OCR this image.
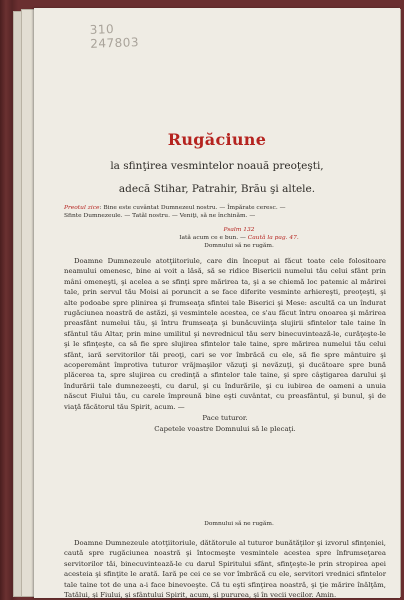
310
247803
Rugăciune
la sfinţirea vesmintelor noauă preoţeşti,
adecă Stihar, Patrahir, Brău şi altele.
Preotul zice: Bine este cuvântat Dumnezeul nostru. — Împărate ceresc. —
Sfinte Dumnezeule. — Tatăl nostru. — Veniţi, să ne închinăm. —
Psalm 132
Iată acum ce e bun. — Caută la pag. 47.
Domnului să ne rugăm.
Doamne Dumnezeule atotţiitoriule, care din început ai făcut toate cele folositoare neamului omenesc, bine ai voit a lăsă, să se ridice Bisericii numelui tău celui sfânt prin mâni omeneşti, şi acelea a se sfinţi spre mărirea ta, şi a se chiemă loc patemic al mărirei tale, prin servul tău Moisi ai poruncit a se face diferite vesminte arhiereşti, preoţeşti, şi alte podoabe spre plinirea şi frumseaţa sfintei tale Biserici şi Mese: ascultă ca un îndurat rugăciunea noastră de astăzi, şi vesmintele acestea, ce s'au făcut întru onoarea şi mărirea preasfânt numelui tău, şi întru frumseaţa şi bunăcuviinţa slujirii sfintelor tale taine în sfântul tău Altar, prin mine umilitul şi nevrednicul tău serv binecuvintează-le, curăţeşte-le şi le sfinţeşte, ca să fie spre slujirea sfintelor tale taine, spre mărirea numelui tău celui sfânt, iară servitorilor tăi preoţi, cari se vor îmbrăcă cu ele, să fie spre mântuire şi acoperemânt împrotiva tuturor vrăjmaşilor văzuţi şi nevăzuţi, şi ducătoare spre bună plăcerea ta, spre slujirea cu credinţă a sfintelor tale taine, şi spre câştigarea darului şi îndurării tale dumnezeeşti, cu darul, şi cu îndurările, şi cu iubirea de oameni a unuia născut Fiului tău, cu carele împreună bine eşti cuvântat, cu preasfântul, şi bunul, şi de viaţă făcătorul tău Spirit, acum. —
Pace tuturor.
Capetele voastre Domnului să le plecaţi.
Domnului să ne rugăm.
Doamne Dumnezeule atotţiitoriule, dătătorule al tuturor bunătăţilor şi izvorul sfinţeniei, caută spre rugăciunea noastră şi întocmeşte vesmintele acestea spre înfrumseţarea servitorilor tăi, binecuvintează-le cu darul Spiritului sfânt, sfinţeşte-le prin stropirea apei acesteia şi sfinţite le arată. Iară pe cei ce se vor îmbrăcă cu ele, servitori vrednici sfintelor tale taine tot de una a-i face binevoeşte. Că tu eşti sfinţirea noastră, şi ţie mărire înălţăm, Tatălui, şi Fiului, şi sfântului Spirit, acum, şi pururea, şi în vecii vecilor. Amin.
